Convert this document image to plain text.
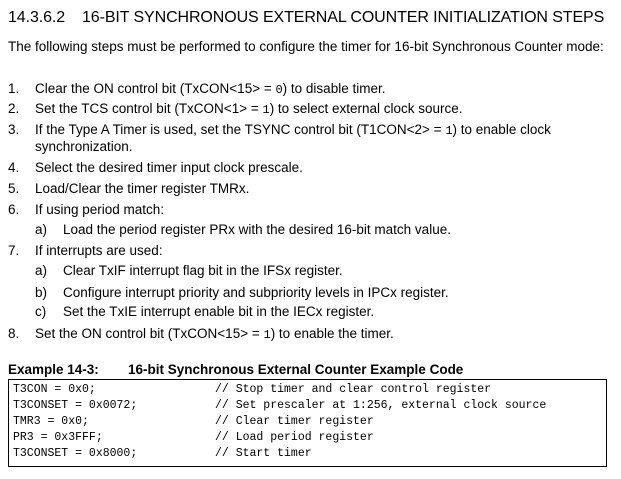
14.3.6.2 16-BIT SYNCHRONOUS EXTERNAL COUNTER INITIALIZATION STEPS
The following steps must be performed to configure the timer for 16-bit Synchronous Counter mode:
1. Clear the ON control bit (TxCON<15> = 0) to disable timer.
2. Set the TCS control bit (TxCON<1> = 1) to select external clock source.
3. If the Type A Timer is used, set the TSYNC control bit (T1CON<2> = 1) to enable clock
synchronization.
4. Select the desired timer input clock prescale.
5. Load/Clear the timer register TMRx.
6. If using period match:
a) Load the period register PRx with the desired 16-bit match value.
7. If interrupts are used:
a) Clear TxIF interrupt flag bit in the IFSx register.
b) Configure interrupt priority and subpriority levels in IPCx register.
c) Set the TxIE interrupt enable bit in the IECx register.
8. Set the ON control bit (TxCON<15> = 1) to enable the timer.
Example 14-3: 16-bit Synchronous External Counter Example Code
T3CON = 0x0;	// Stop timer and clear control register
T3CONSET = 0x0072;	// Set prescaler at 1:256, external clock source
TMR3 = 0x0;	// Clear timer register
PR3 = 0x3FFF;	// Load period register
T3CONSET = 0x8000;	// Start timer
